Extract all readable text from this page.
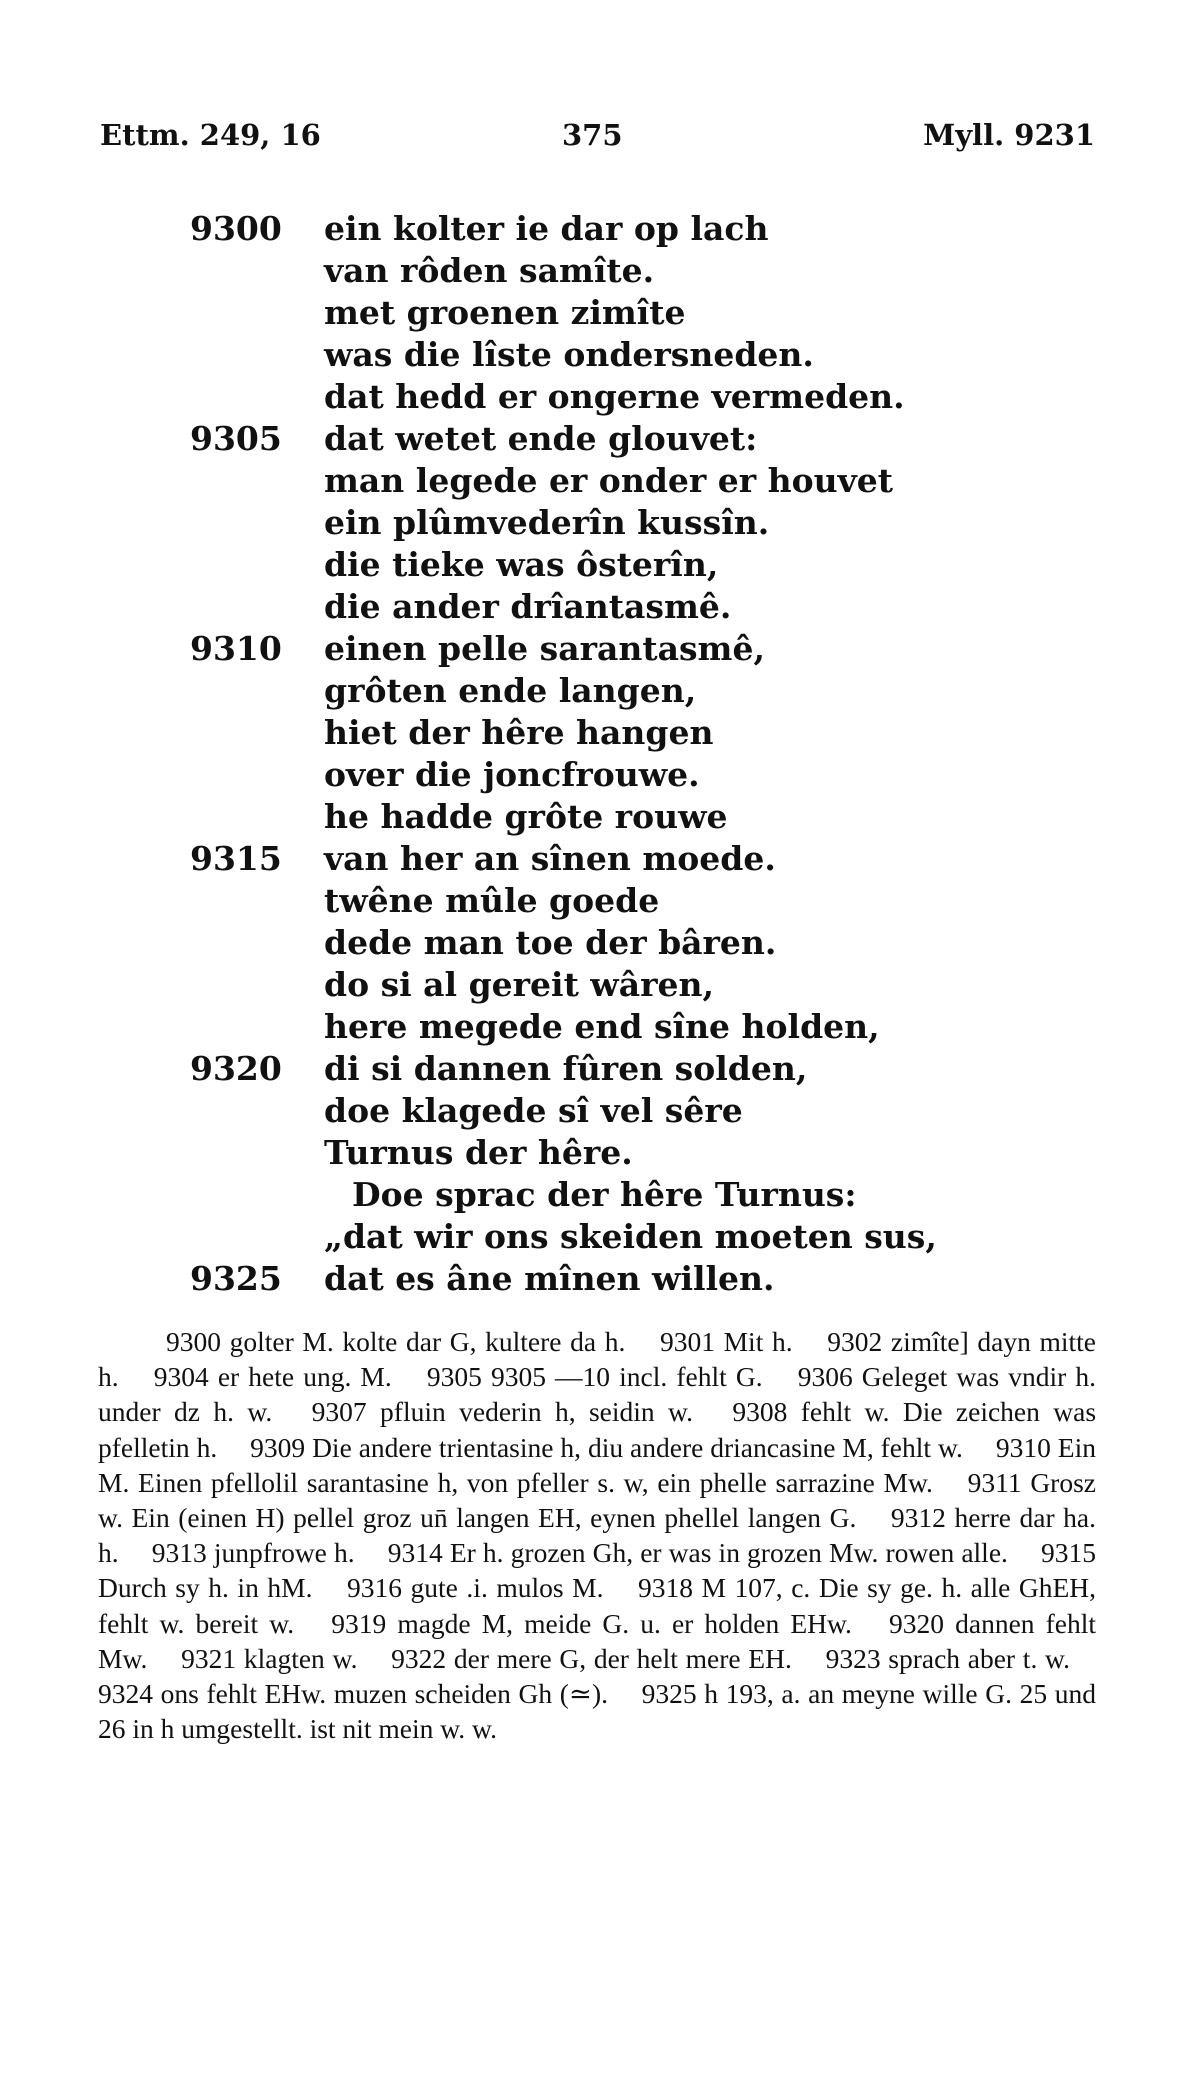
Ettm. 249, 16	375	Myll. 9231
9300 ein kolter ie dar op lach
van rôden samîte.
met groenen zimîte
was die lîste ondersneden.
dat hedd er ongerne vermeden.
9305 dat wetet ende glouvet:
man legede er onder er houvet
ein plûmvederîn kussîn.
die tieke was ôsterîn,
die ander drîantasmê.
9310 einen pelle sarantasmê,
grôten ende langen,
hiet der hêre hangen
over die joncfrouwe.
he hadde grôte rouwe
9315 van her an sînen moede.
twêne mûle goede
dede man toe der bâren.
do si al gereit wâren,
here megede end sîne holden,
9320 di si dannen fûren solden,
doe klagede sî vel sêre
Turnus der hêre.
Doe sprac der hêre Turnus:
„dat wir ons skeiden moeten sus,
9325 dat es âne mînen willen.

9300 golter M. kolte dar G, kultere da h. 9301 Mit h. 9302 zimîte] dayn mitte h. 9304 er hete ung. M. 9305 9305 —10 incl. fehlt G. 9306 Geleget was vndir h. under dz h. w. 9307 pfluin vederin h, seidin w. 9308 fehlt w. Die zeichen was pfelletin h. 9309 Die andere trientasine h, diu andere driancasine M, fehlt w. 9310 Ein M. Einen pfellolil sarantasine h, von pfeller s. w, ein phelle sarrazine Mw. 9311 Grosz w. Ein (einen H) pellel groz un̄ langen EH, eynen phellel langen G. 9312 herre dar ha. h. 9313 junpfrowe h. 9314 Er h. grozen Gh, er was in grozen Mw. rowen alle. 9315 Durch sy h. in hM. 9316 gute .i. mulos M. 9318 M 107, c. Die sy ge. h. alle GhEH, fehlt w. bereit w. 9319 magde M, meide G. u. er holden EHw. 9320 dannen fehlt Mw. 9321 klagten w. 9322 der mere G, der helt mere EH. 9323 sprach aber t. w. 9324 ons fehlt EHw. muzen scheiden Gh (≃). 9325 h 193, a. an meyne wille G. 25 und 26 in h umgestellt. ist nit mein w. w.
